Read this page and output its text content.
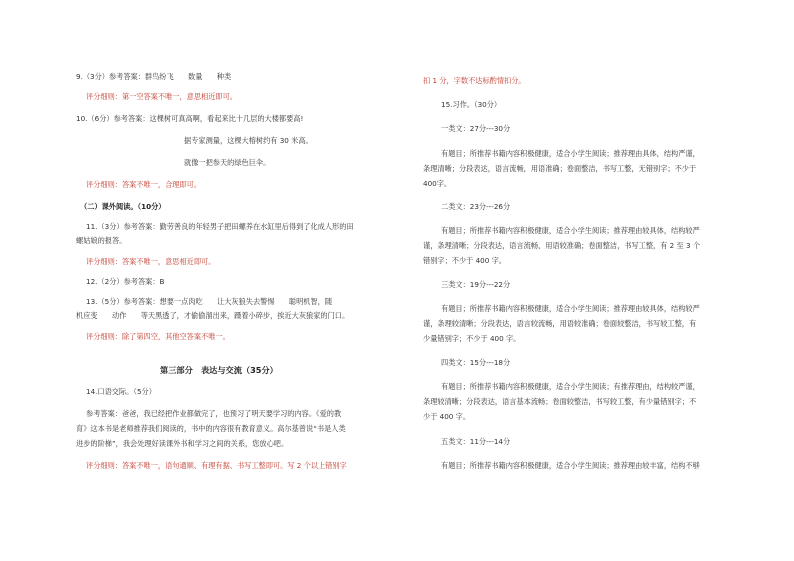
9.（3分）参考答案：群鸟纷飞　　数量　　种类
评分细则：第一空答案不唯一，意思相近即可。
10.（6分）参考答案：这棵树可真高啊，看起来比十几层的大楼都要高!
据专家测量，这棵大榕树约有 30 米高。
就像一把参天的绿色巨伞。
评分细则：答案不唯一，合理即可。
（二）课外阅读。（10分）
11.（3分）参考答案：勤劳善良的年轻男子把田螺养在水缸里后得到了化成人形的田
螺姑娘的报答。
评分细则：答案不唯一，意思相近即可。
12.（2分）参考答案：B
13.（5分）参考答案：想要一点肉吃　　让大灰狼失去警惕　　聪明机智，随
机应变　　动作　　等天黑透了，才偷偷溜出来，蹑着小碎步，挨近大灰狼家的门口。
评分细则：除了第四空，其他空答案不唯一。
第三部分　表达与交流（35分）
14.口语交际。（5分）
参考答案：爸爸，我已经把作业都做完了，也预习了明天要学习的内容。《爱的教
育》这本书是老师推荐我们阅读的，书中的内容很有教育意义。高尔基曾说“书是人类
进步的阶梯”，我会处理好读课外书和学习之间的关系，您放心吧。
评分细则：答案不唯一，语句通顺、有理有据、书写工整即可。写 2 个以上错别字
扣 1 分，字数不达标酌情扣分。
15.习作。（30分）
一类文：27分---30分
有题目；所推荐书籍内容积极健康，适合小学生阅读；推荐理由具体，结构严谨，
条理清晰；分段表达，语言流畅，用语准确；卷面整洁，书写工整，无错别字；不少于
400字。
二类文：23分---26分
有题目；所推荐书籍内容积极健康，适合小学生阅读；推荐理由较具体，结构较严
谨，条理清晰；分段表达，语言流畅，用语较准确；卷面整洁，书写工整，有 2 至 3 个
错别字；不少于 400 字。
三类文：19分---22分
有题目；所推荐书籍内容积极健康，适合小学生阅读；推荐理由较具体，结构较严
谨，条理较清晰；分段表达，语言较流畅，用语较准确；卷面较整洁，书写较工整，有
少量错别字；不少于 400 字。
四类文：15分---18分
有题目；所推荐书籍内容积极健康，适合小学生阅读；有推荐理由，结构较严谨，
条理较清晰；分段表达，语言基本流畅；卷面较整洁，书写较工整，有少量错别字；不
少于 400 字。
五类文：11分---14分
有题目；所推荐书籍内容积极健康，适合小学生阅读；推荐理由较丰富，结构不够
